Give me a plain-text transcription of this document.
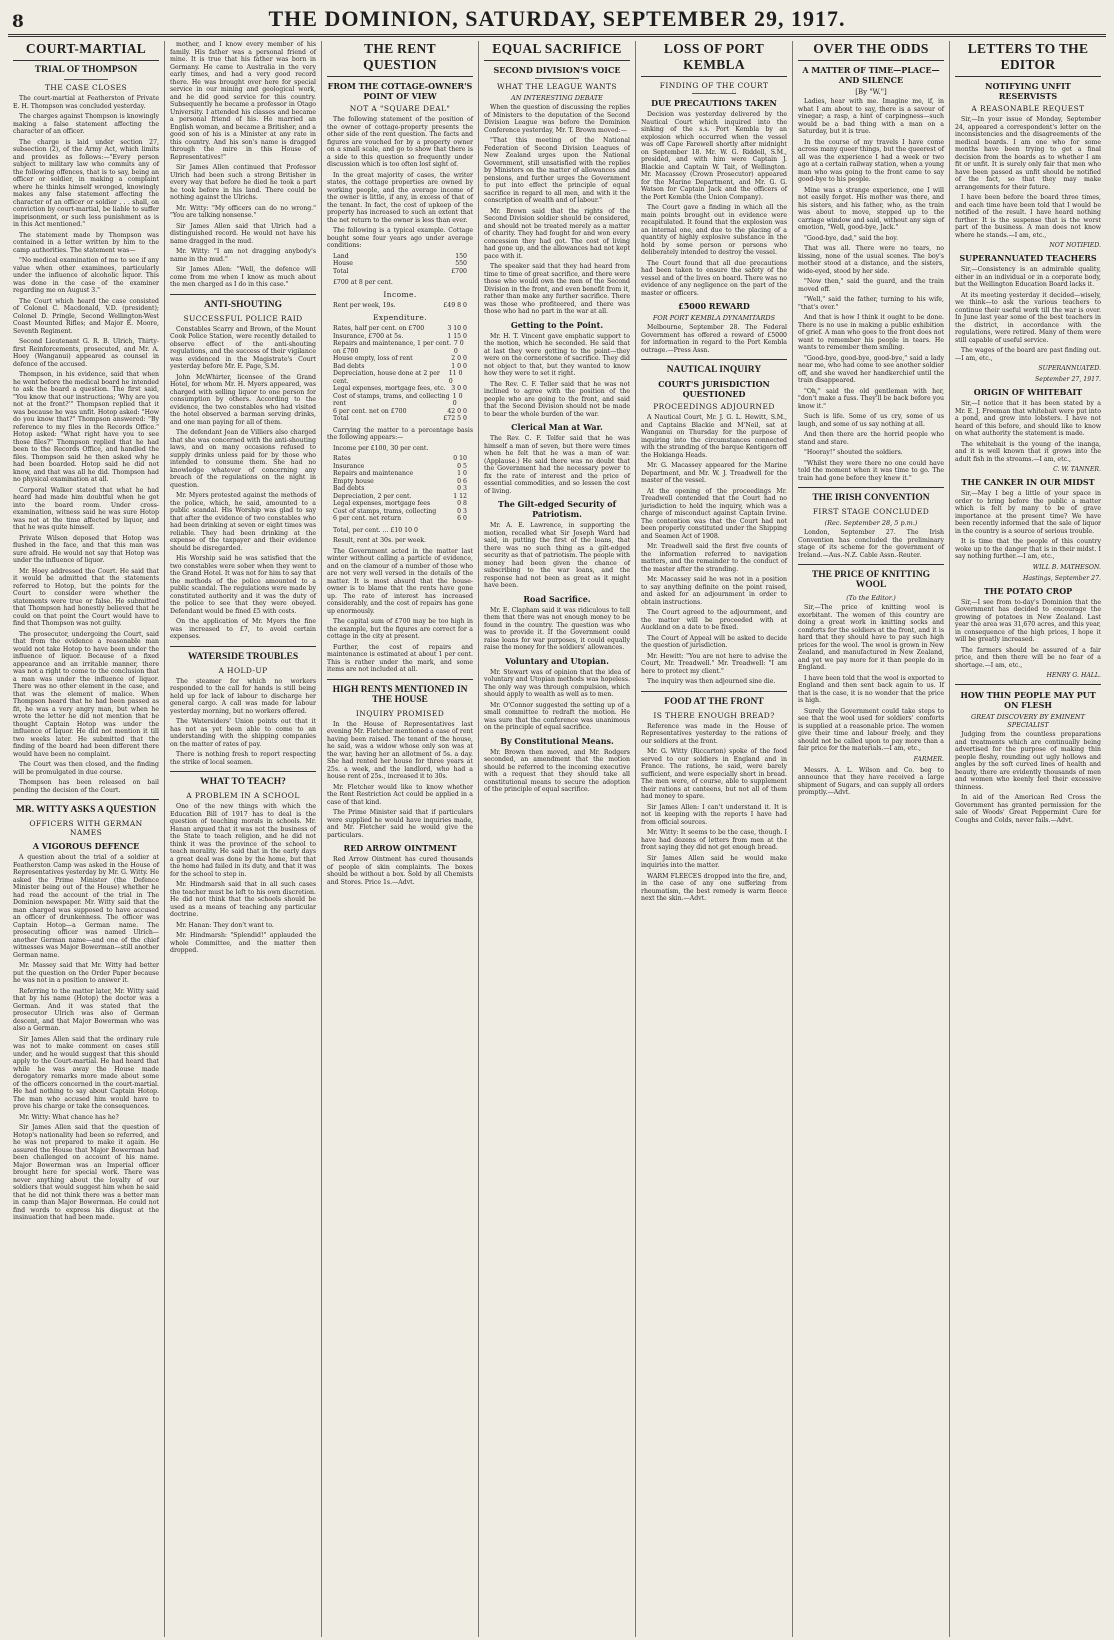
8	THE DOMINION, SATURDAY, SEPTEMBER 29, 1917.
COURT-MARTIAL
TRIAL OF THOMPSON
THE CASE CLOSES

The court-martial at Featherston of Private E. H. Thompson was concluded yesterday.

The charges against Thompson is knowingly making a false statement affecting the character of an officer.

The charge is laid under section 27, subsection (2), of the Army Act, which limits and provides as follows:—"Every person subject to military law who commits any of the following offences, that is to say, being an officer or soldier, in making a complaint where he thinks himself wronged, knowingly makes any false statement affecting the character of an officer or soldier . . . shall, on conviction by court-martial, be liable to suffer imprisonment, or such less punishment as is in this Act mentioned."

The statement made by Thompson was contained in a letter written by him to the camp authorities. The statement was—

"No medical examination of me to see if any value when other examinees, particularly under the influence of alcoholic liquor. This was done in the case of the examiner regarding me on August 3."

The Court which heard the case consisted of Colonel C. Macdonald, V.D. (president); Colonel D. Pringle, Second Wellington-West Coast Mounted Rifles; and Major E. Moore, Seventh Regiment.

Second Lieutenant G. R. B. Ulrich, Thirty-first Reinforcements, prosecuted, and Mr. A. Hoey (Wanganui) appeared as counsel in defence of the accused.

Thompson, in his evidence, said that when he went before the medical board he intended to ask the board a question. The first said, "You know that our instructions; 'Why are you not at the front?'" Thompson replied that it was because he was unfit. Hotop asked: "How do you know that?" Thompson answered: "By reference to my files in the Records Office." Hotop asked: "What right have you to see those files?" Thompson replied that he had been to the Records Office, and handled the files. Thompson said he then asked why he had been boarded. Hotop said he did not know, and that was all he did. Thompson had no physical examination at all.

Corporal Walker stated that what he had heard had made him doubtful when he got into the board room. Under cross-examination, witness said he was sure Hotop was not at the time affected by liquor, and that he was quite himself.

Private Wilson deposed that Hotop was flushed in the face, and that this man was sure afraid. He would not say that Hotop was under the influence of liquor.

Mr. Hoey addressed the Court. He said that it would be admitted that the statements referred to Hotop, but the points for the Court to consider were whether the statements were true or false. He submitted that Thompson had honestly believed that he could on that point the Court would have to find that Thompson was not guilty.

The prosecutor, undergoing the Court, said that from the evidence a reasonable man would not take Hotop to have been under the influence of liquor. Because of a fixed appearance and an irritable manner, there was not a right to come to the conclusion that a man was under the influence of liquor. There was no other element in the case, and that was the element of malice. When Thompson heard that he had been passed as fit, he was a very angry man, but when he wrote the letter he did not mention that he thought Captain Hotop was under the influence of liquor. He did not mention it till two weeks later. He submitted that the finding of the board had been different there would have been no complaint.

The Court was then closed, and the finding will be promulgated in due course.

Thompson has been released on bail pending the decision of the Court.

MR. WITTY ASKS A QUESTION
OFFICERS WITH GERMAN NAMES
A VIGOROUS DEFENCE

A question about the trial of a soldier at Featherston Camp was asked in the House of Representatives yesterday by Mr. G. Witty. He asked the Prime Minister (the Defence Minister being out of the House) whether he had read the account of the trial in The Dominion newspaper. Mr. Witty said that the man charged was supposed to have accused an officer of drunkenness. The officer was Captain Hotop—a German name. The prosecuting officer was named Ulrich—another German name—and one of the chief witnesses was Major Bowerman—still another German name.

Mr. Massey said that Mr. Witty had better put the question on the Order Paper because he was not in a position to answer it.

Referring to the matter later, Mr. Witty said that by his name (Hotop) the doctor was a German. And it was stated that the prosecutor Ulrich was also of German descent, and that Major Bowerman who was also a German.

Sir James Allen said that the ordinary rule was not to make comment on cases still under, and he would suggest that this should apply to the Court-martial. He had heard that while he was away the House made derogatory remarks more made about some of the officers concerned in the court-martial. He had nothing to say about Captain Hotop. The man who accused him would have to prove his charge or take the consequences.

Mr. Witty: What chance has he?

Sir James Allen said that the question of Hotop's nationality had been so referred, and he was not prepared to make it again. He assured the House that Major Bowerman had been challenged on account of his name. Major Bowerman was an Imperial officer brought here for special work. There was never anything about the loyalty of our soldiers that would suggest him when he said that he did not think there was a better man in camp than Major Bowerman. He could not find words to express his disgust at the insinuation that had been made.

mother, and I know every member of his family. His father was a personal friend of mine. It is true that his father was born in Germany. He came to Australia in the very early times, and had a very good record there. He was brought over here for special service in our mining and geological work, and he did good service for this country. Subsequently he became a professor in Otago University. I attended his classes and became a personal friend of his. He married an English woman, and became a Britisher, and a good son of his is a Minister at any rate in this country. And his son's name is dragged through the mire in this House of Representatives!"

Sir James Allen continued that Professor Ulrich had been such a strong Britisher in every way that before he died he took a part he took before in his land. There could be nothing against the Ulrichs.

Mr. Witty: "My officers can do no wrong." "You are talking nonsense."

Sir James Allen said that Ulrich had a distinguished record. He would not have his name dragged in the mud.

Mr. Witty: "I am not dragging anybody's name in the mud."

Sir James Allen: "Well, the defence will come from me when I know as much about the men charged as I do in this case."

ANTI-SHOUTING
SUCCESSFUL POLICE RAID

Constables Scarry and Brown, of the Mount Cook Police Station, were recently detailed to observe effect of the anti-shouting regulations, and the success of their vigilance was evidenced in the Magistrate's Court yesterday before Mr. E. Page, S.M.

John McWhirter, licensee of the Grand Hotel, for whom Mr. H. Myers appeared, was charged with selling liquor to one person for consumption by others. According to the evidence, the two constables who had visited the hotel observed a barman serving drinks, and one man paying for all of them.

The defendant Jean de Villiers also charged that she was concerned with the anti-shouting laws, and on many occasions refused to supply drinks unless paid for by those who intended to consume them. She had no knowledge whatever of concerning any breach of the regulations on the night in question.

Mr. Myers protested against the methods of the police, which, he said, amounted to a public scandal. His Worship was glad to say that after the evidence of two constables who had been drinking at seven or eight times was reliable. They had been drinking at the expense of the taxpayer and their evidence should be disregarded.

His Worship said he was satisfied that the two constables were sober when they went to the Grand Hotel. It was not for him to say that the methods of the police amounted to a public scandal. The regulations were made by constituted authority and it was the duty of the police to see that they were obeyed. Defendant would be fined £5 with costs.

On the application of Mr. Myers the fine was increased to £7, to avoid certain expenses.

WATERSIDE TROUBLES
A HOLD-UP

The steamer for which no workers responded to the call for hands is still being held up for lack of labour to discharge her general cargo. A call was made for labour yesterday morning, but no workers offered.

The Watersiders' Union points out that it has not as yet been able to come to an understanding with the shipping companies on the matter of rates of pay.

There is nothing fresh to report respecting the strike of local seamen.

WHAT TO TEACH?
A PROBLEM IN A SCHOOL

One of the new things with which the Education Bill of 1917 has to deal is the question of teaching morals in schools. Mr. Hanan argued that it was not the business of the State to teach religion, and he did not think it was the province of the school to teach morality. He said that in the early days a great deal was done by the home, but that the home had failed in its duty, and that it was for the school to step in.

Mr. Hindmarsh said that in all such cases the teacher must be left to his own discretion. He did not think that the schools should be used as a means of teaching any particular doctrine.

Mr. Hanan: They don't want to.

Mr. Hindmarsh: "Splendid!" applauded the whole Committee, and the matter then dropped.

THE RENT QUESTION
FROM THE COTTAGE-OWNER'S POINT OF VIEW
NOT A "SQUARE DEAL"

The following statement of the position of the owner of cottage-property presents the other side of the rent question. The facts and figures are vouched for by a property owner on a small scale, and go to show that there is a side to this question so frequently under discussion which is too often lost sight of.

In the great majority of cases, the writer states, the cottage properties are owned by working people, and the average income of the owner is little, if any, in excess of that of the tenant. In fact, the cost of upkeep of the property has increased to such an extent that the net return to the owner is less than ever.

The following is a typical example. Cottage bought some four years ago under average conditions:

Land	150
House	550
Total	£700

£700 at 8 per cent.

Income.
Rent per week, 19s.	£49 8 0
Expenditure.
Rates, half per cent. on £700	3 10 0
Insurance, £700 at 5s.	1 15 0
Repairs and maintenance, 1 per cent. on £700
7 0 0
House empty, loss of rent	2 0 0
Bad debts	1 0 0
Depreciation, house done at 2 per cent.
11 0 0
Legal expenses, mortgage fees, etc. 3 0 0
Cost of stamps, trams, and collecting rent
1 0 0
6 per cent. net on £700	42 0 0
Total	£72 5 0

Carrying the matter to a percentage basis the following appears:—

Income per £100, 30 per cent.

Rates	0 10
Insurance	0 5
Repairs and maintenance	1 0
Empty house	0 6
Bad debts	0 3
Depreciation, 2 per cent.	1 12
Legal expenses, mortgage fees	0 8
Cost of stamps, trams, collecting	0 3
6 per cent. net return	6 0

Total, per cent. ... £10 10 0

Result, rent at 30s. per week.

The Government acted in the matter last winter without calling a particle of evidence, and on the clamour of a number of those who are not very well versed in the details of the matter. It is most absurd that the house-owner is to blame that the rents have gone up. The rate of interest has increased considerably, and the cost of repairs has gone up enormously.

The capital sum of £700 may be too high in the example, but the figures are correct for a cottage in the city at present.

Further, the cost of repairs and maintenance is estimated at about 1 per cent. This is rather under the mark, and some items are not included at all.

HIGH RENTS MENTIONED IN THE HOUSE
INQUIRY PROMISED

In the House of Representatives last evening Mr. Fletcher mentioned a case of rent having been raised. The tenant of the house, he said, was a widow whose only son was at the war, having her an allotment of 5s. a day. She had rented her house for three years at 25s. a week, and the landlord, who had a house rent of 25s., increased it to 30s.

Mr. Fletcher would like to know whether the Rent Restriction Act could be applied in a case of that kind.

The Prime Minister said that if particulars were supplied he would have inquiries made, and Mr. Fletcher said he would give the particulars.

RED ARROW OINTMENT

Red Arrow Ointment has cured thousands of people of skin complaints. The boxes should be without a box. Sold by all Chemists and Stores. Price 1s.—Advt.

EQUAL SACRIFICE
SECOND DIVISION'S VOICE
WHAT THE LEAGUE WANTS
AN INTERESTING DEBATE

When the question of discussing the replies of Ministers to the deputation of the Second Division League was before the Dominion Conference yesterday, Mr. T. Brown moved:—

"That this meeting of the National Federation of Second Division Leagues of New Zealand urges upon the National Government, still unsatisfied with the replies by Ministers on the matter of allowances and pensions, and further urges the Government to put into effect the principle of equal sacrifice in regard to all men, and with it the conscription of wealth and of labour."

Mr. Brown said that the rights of the Second Division soldier should be considered, and should not be treated merely as a matter of charity. They had fought for and won every concession they had got. The cost of living had gone up, and the allowances had not kept pace with it.

The speaker said that they had heard from time to time of great sacrifice, and there were those who would own the men of the Second Division in the front, and even benefit from it, rather than make any further sacrifice. There was those who profiteered, and there was those who had no part in the war at all.

Getting to the Point.

Mr. H. T. Vincent gave emphatic support to the motion, which he seconded. He said that at last they were getting to the point—they were on the cornerstone of sacrifice. They did not object to that, but they wanted to know how they were to set it right.

The Rev. C. F. Teller said that he was not inclined to agree with the position of the people who are going to the front, and said that the Second Division should not be made to bear the whole burden of the war.

Clerical Man at War.

The Rev. C. F. Telfer said that he was himself a man of seven, but there were times when he felt that he was a man of war. (Applause.) He said there was no doubt that the Government had the necessary power to fix the rate of interest and the price of essential commodities, and so lessen the cost of living.

The Gilt-edged Security of Patriotism.

Mr. A. E. Lawrence, in supporting the motion, recalled what Sir Joseph Ward had said, in putting the first of the loans, that there was no such thing as a gilt-edged security as that of patriotism. The people with money had been given the chance of subscribing to the war loans, and the response had not been as great as it might have been.

Road Sacrifice.

Mr. E. Clapham said it was ridiculous to tell them that there was not enough money to be found in the country. The question was who was to provide it. If the Government could raise loans for war purposes, it could equally raise the money for the soldiers' allowances.

Voluntary and Utopian.

Mr. Stewart was of opinion that the idea of voluntary and Utopian methods was hopeless. The only way was through compulsion, which should apply to wealth as well as to men.

Mr. O'Connor suggested the setting up of a small committee to redraft the motion. He was sure that the conference was unanimous on the principle of equal sacrifice.

By Constitutional Means.

Mr. Brown then moved, and Mr. Rodgers seconded, an amendment that the motion should be referred to the incoming executive with a request that they should take all constitutional means to secure the adoption of the principle of equal sacrifice.

LOSS OF PORT KEMBLA
FINDING OF THE COURT
DUE PRECAUTIONS TAKEN

Decision was yesterday delivered by the Nautical Court which inquired into the sinking of the s.s. Port Kembla by an explosion which occurred when the vessel was off Cape Farewell shortly after midnight on September 18. Mr. W. G. Riddell, S.M., presided, and with him were Captain J. Blackie and Captain W. Tait, of Wellington. Mr. Macassey (Crown Prosecutor) appeared for the Marine Department, and Mr. G. G. Watson for Captain Jack and the officers of the Port Kembla (the Union Company).

The Court gave a finding in which all the main points brought out in evidence were recapitulated. It found that the explosion was an internal one, and due to the placing of a quantity of highly explosive substance in the hold by some person or persons who deliberately intended to destroy the vessel.

The Court found that all due precautions had been taken to ensure the safety of the vessel and of the lives on board. There was no evidence of any negligence on the part of the master or officers.

£5000 REWARD
FOR PORT KEMBLA DYNAMITARDS

Melbourne, September 28. The Federal Government has offered a reward of £5000 for information in regard to the Port Kembla outrage.—Press Assn.

NAUTICAL INQUIRY
COURT'S JURISDICTION QUESTIONED
PROCEEDINGS ADJOURNED

A Nautical Court, Mr. J. G. L. Hewitt, S.M., and Captains Blackie and M'Neil, sat at Wanganui on Thursday for the purpose of inquiring into the circumstances connected with the stranding of the barque Kentigern off the Hokianga Heads.

Mr. G. Macassey appeared for the Marine Department, and Mr. W. J. Treadwell for the master of the vessel.

At the opening of the proceedings Mr. Treadwell contended that the Court had no jurisdiction to hold the inquiry, which was a charge of misconduct against Captain Irvine. The contention was that the Court had not been properly constituted under the Shipping and Seamen Act of 1908.

Mr. Treadwell said the first five counts of the information referred to navigation matters, and the remainder to the conduct of the master after the stranding.

Mr. Macassey said he was not in a position to say anything definite on the point raised, and asked for an adjournment in order to obtain instructions.

The Court agreed to the adjournment, and the matter will be proceeded with at Auckland on a date to be fixed.

The Court of Appeal will be asked to decide the question of jurisdiction.

Mr. Hewitt: "You are not here to advise the Court, Mr. Treadwell." Mr. Treadwell: "I am here to protect my client."

The inquiry was then adjourned sine die.

FOOD AT THE FRONT
IS THERE ENOUGH BREAD?

Reference was made in the House of Representatives yesterday to the rations of our soldiers at the front.

Mr. G. Witty (Riccarton) spoke of the food served to our soldiers in England and in France. The rations, he said, were barely sufficient, and were especially short in bread. The men were, of course, able to supplement their rations at canteens, but not all of them had money to spare.

Sir James Allen: I can't understand it. It is not in keeping with the reports I have had from official sources.

Mr. Witty: It seems to be the case, though. I have had dozens of letters from men at the front saying they did not get enough bread.

Sir James Allen said he would make inquiries into the matter.

WARM FLEECES dropped into the fire, and, in the case of any one suffering from rheumatism, the best remedy is warm fleece next the skin.—Advt.

OVER THE ODDS
A MATTER OF TIME—PLACE—AND SILENCE
[By "W."]

Ladies, hear with me. Imagine me, if, in what I am about to say, there is a savour of vinegar; a rasp, a hint of carpingness—such would be a bad thing with a man on a Saturday, but it is true.

In the course of my travels I have come across many queer things, but the queerest of all was the experience I had a week or two ago at a certain railway station, when a young man who was going to the front came to say good-bye to his people.

Mine was a strange experience, one I will not easily forget. His mother was there, and his sisters, and his father, who, as the train was about to move, stepped up to the carriage window and said, without any sign of emotion, "Well, good-bye, Jack."

"Good-bye, dad," said the boy.

That was all. There were no tears, no kissing, none of the usual scenes. The boy's mother stood at a distance, and the sisters, wide-eyed, stood by her side.

"Now then," said the guard, and the train moved off.

"Well," said the father, turning to his wife, "that's over."

And that is how I think it ought to be done. There is no use in making a public exhibition of grief. A man who goes to the front does not want to remember his people in tears. He wants to remember them smiling.

"Good-bye, good-bye, good-bye," said a lady near me, who had come to see another soldier off, and she waved her handkerchief until the train disappeared.

"Oh," said the old gentleman with her, "don't make a fuss. They'll be back before you know it."

Such is life. Some of us cry, some of us laugh, and some of us say nothing at all.

And then there are the horrid people who stand and stare.

"Hooray!" shouted the soldiers.

"Whilst they were there no one could have told the moment when it was time to go. The train had gone before they knew it."

THE IRISH CONVENTION
FIRST STAGE CONCLUDED
(Rec. September 28, 5 p.m.)

London, September 27. The Irish Convention has concluded the preliminary stage of its scheme for the government of Ireland.—Aus.-N.Z. Cable Assn.-Reuter.

THE PRICE OF KNITTING WOOL
(To the Editor.)

Sir,—The price of knitting wool is exorbitant. The women of this country are doing a great work in knitting socks and comforts for the soldiers at the front, and it is hard that they should have to pay such high prices for the wool. The wool is grown in New Zealand, and manufactured in New Zealand, and yet we pay more for it than people do in England.

I have been told that the wool is exported to England and then sent back again to us. If that is the case, it is no wonder that the price is high.

Surely the Government could take steps to see that the wool used for soldiers' comforts is supplied at a reasonable price. The women give their time and labour freely, and they should not be called upon to pay more than a fair price for the materials.—I am, etc.,

FARMER.

Messrs. A. L. Wilson and Co. beg to announce that they have received a large shipment of Sugars, and can supply all orders promptly.—Advt.

LETTERS TO THE EDITOR
NOTIFYING UNFIT RESERVISTS
A REASONABLE REQUEST

Sir,—In your issue of Monday, September 24, appeared a correspondent's letter on the inconsistencies and the disagreements of the medical boards. I am one who for some months have been trying to get a final decision from the boards as to whether I am fit or unfit. It is surely only fair that men who have been passed as unfit should be notified of the fact, so that they may make arrangements for their future.

I have been before the board three times, and each time have been told that I would be notified of the result. I have heard nothing further. It is the suspense that is the worst part of the business. A man does not know where he stands.—I am, etc.,

NOT NOTIFIED.
SUPERANNUATED TEACHERS

Sir,—Consistency is an admirable quality, either in an individual or in a corporate body, but the Wellington Education Board lacks it.

At its meeting yesterday it decided—wisely, we think—to ask the various teachers to continue their useful work till the war is over. In June last year some of the best teachers in the district, in accordance with the regulations, were retired. Many of them were still capable of useful service.

The wages of the board are past finding out.—I am, etc.,

SUPERANNUATED.
September 27, 1917.
ORIGIN OF WHITEBAIT

Sir,—I notice that it has been stated by a Mr. E. J. Freeman that whitebait were put into a pond, and grew into lobsters. I have not heard of this before, and should like to know on what authority the statement is made.

The whitebait is the young of the inanga, and it is well known that it grows into the adult fish in the streams.—I am, etc.,

C. W. TANNER.
THE CANKER IN OUR MIDST

Sir,—May I beg a little of your space in order to bring before the public a matter which is felt by many to be of grave importance at the present time? We have been recently informed that the sale of liquor in the country is a source of serious trouble.

It is time that the people of this country woke up to the danger that is in their midst. I say nothing further.—I am, etc.,

WILL B. MATHESON.
Hastings, September 27.
THE POTATO CROP

Sir,—I see from to-day's Dominion that the Government has decided to encourage the growing of potatoes in New Zealand. Last year the area was 31,670 acres, and this year, in consequence of the high prices, I hope it will be greatly increased.

The farmers should be assured of a fair price, and then there will be no fear of a shortage.—I am, etc.,

HENRY G. HALL.
HOW THIN PEOPLE MAY PUT ON FLESH
GREAT DISCOVERY BY EMINENT SPECIALIST

Judging from the countless preparations and treatments which are continually being advertised for the purpose of making thin people fleshy, rounding out ugly hollows and angles by the soft curved lines of health and beauty, there are evidently thousands of men and women who keenly feel their excessive thinness.

In aid of the American Red Cross the Government has granted permission for the sale of Woods' Great Peppermint Cure for Coughs and Colds, never fails.—Advt.
